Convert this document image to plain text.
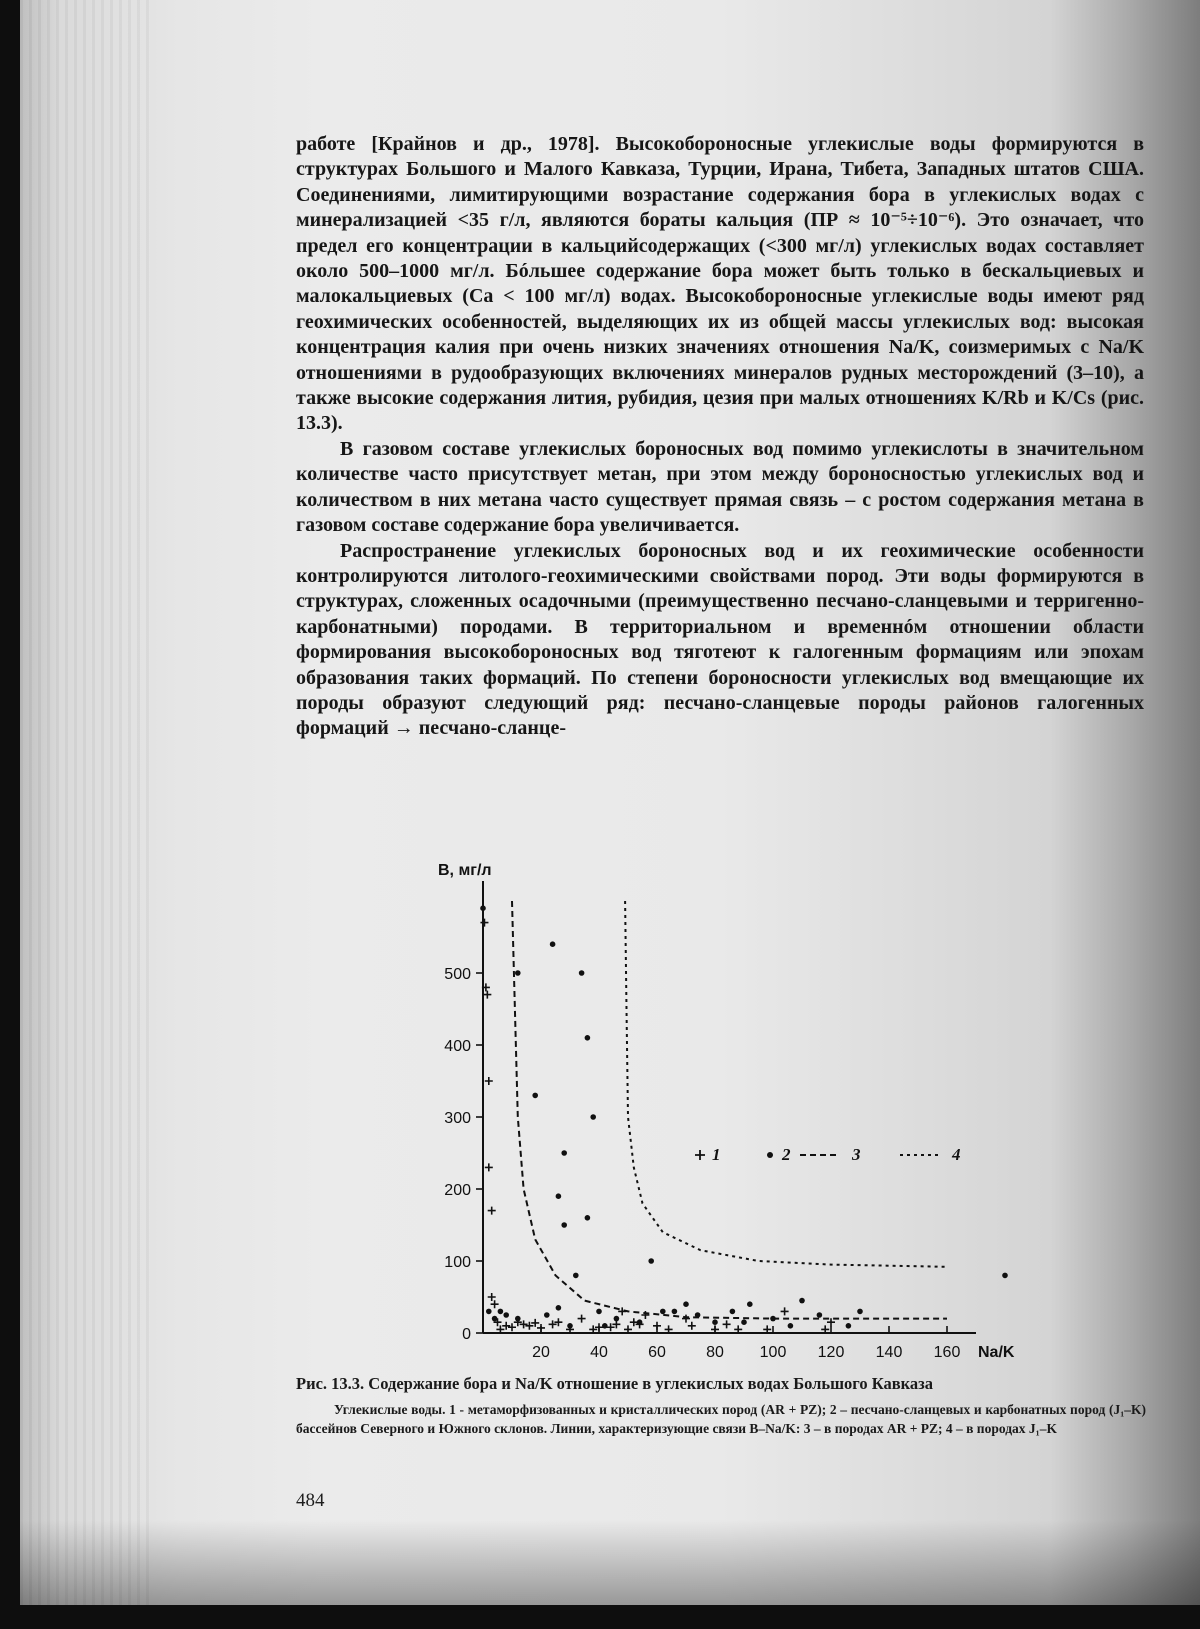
работе [Крайнов и др., 1978]. Высокобороносные углекислые воды формируются в структурах Большого и Малого Кавказа, Турции, Ирана, Тибета, Западных штатов США. Соединениями, лимитирующими возрастание содержания бора в углекислых водах с минерализацией <35 г/л, являются бораты кальция (ПР ≈ 10⁻⁵÷10⁻⁶). Это означает, что предел его концентрации в кальцийсодержащих (<300 мг/л) углекислых водах составляет около 500–1000 мг/л. Бóльшее содержание бора может быть только в бескальциевых и малокальциевых (Ca < 100 мг/л) водах. Высокобороносные углекислые воды имеют ряд геохимических особенностей, выделяющих их из общей массы углекислых вод: высокая концентрация калия при очень низких значениях отношения Na/K, соизмеримых с Na/K отношениями в рудообразующих включениях минералов рудных месторождений (3–10), а также высокие содержания лития, рубидия, цезия при малых отношениях K/Rb и K/Cs (рис. 13.3).

В газовом составе углекислых бороносных вод помимо углекислоты в значительном количестве часто присутствует метан, при этом между бороносностью углекислых вод и количеством в них метана часто существует прямая связь – с ростом содержания метана в газовом составе содержание бора увеличивается.

Распространение углекислых бороносных вод и их геохимические особенности контролируются литолого-геохимическими свойствами пород. Эти воды формируются в структурах, сложенных осадочными (преимущественно песчано-сланцевыми и терригенно-карбонатными) породами. В территориальном и временнóм отношении области формирования высокобороносных вод тяготеют к галогенным формациям или эпохам образования таких формаций. По степени бороносности углекислых вод вмещающие их породы образуют следующий ряд: песчано-сланцевые породы районов галогенных формаций → песчано-сланце-

0
100
200
300
400
500
20	40	60	80 100 120 140 160 Na/K
B, мг/л
1	2	3	4

Рис. 13.3. Содержание бора и Na/K отношение в углекислых водах Большого Кавказа

Углекислые воды. 1 - метаморфизованных и кристаллических пород (AR + PZ); 2 – песчано-сланцевых и карбонатных пород (J₁–K) бассейнов Северного и Южного склонов. Линии, характеризующие связи B–Na/K: 3 – в породах AR + PZ; 4 – в породах J₁–K

484
